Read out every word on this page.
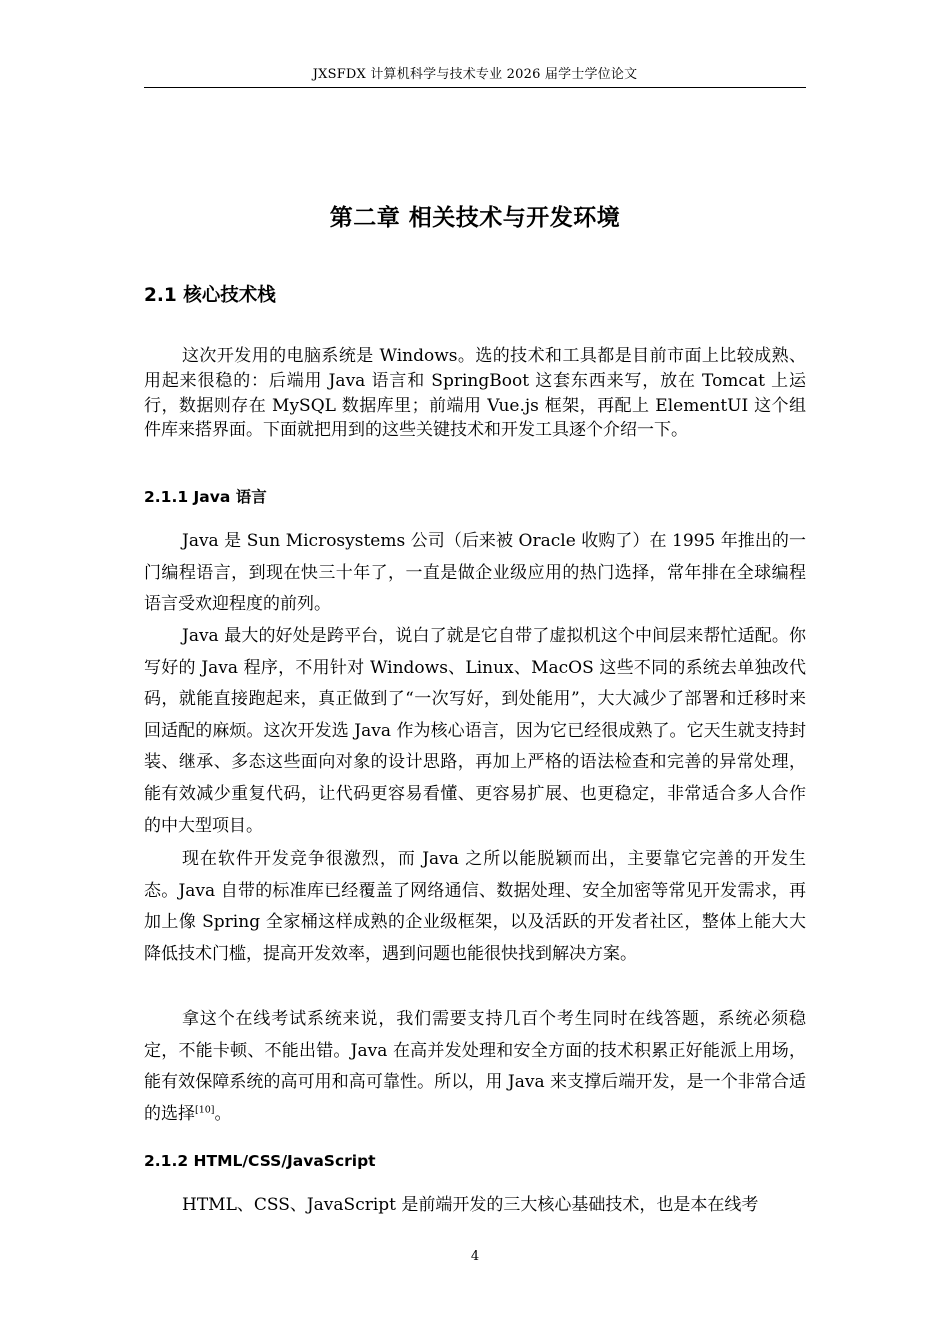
JXSFDX 计算机科学与技术专业 2026 届学士学位论文
第二章 相关技术与开发环境
2.1 核心技术栈

这次开发用的电脑系统是 Windows。选的技术和工具都是目前市面上比较成熟、用起来很稳的：后端用 Java 语言和 SpringBoot 这套东西来写，放在 Tomcat 上运行，数据则存在 MySQL 数据库里；前端用 Vue.js 框架，再配上 ElementUI 这个组件库来搭界面。下面就把用到的这些关键技术和开发工具逐个介绍一下。

2.1.1 Java 语言

Java 是 Sun Microsystems 公司（后来被 Oracle 收购了）在 1995 年推出的一门编程语言，到现在快三十年了，一直是做企业级应用的热门选择，常年排在全球编程语言受欢迎程度的前列。

Java 最大的好处是跨平台，说白了就是它自带了虚拟机这个中间层来帮忙适配。你写好的 Java 程序，不用针对 Windows、Linux、MacOS 这些不同的系统去单独改代码，就能直接跑起来，真正做到了“一次写好，到处能用”，大大减少了部署和迁移时来回适配的麻烦。这次开发选 Java 作为核心语言，因为它已经很成熟了。它天生就支持封装、继承、多态这些面向对象的设计思路，再加上严格的语法检查和完善的异常处理，能有效减少重复代码，让代码更容易看懂、更容易扩展、也更稳定，非常适合多人合作的中大型项目。

现在软件开发竞争很激烈，而 Java 之所以能脱颖而出，主要靠它完善的开发生态。Java 自带的标准库已经覆盖了网络通信、数据处理、安全加密等常见开发需求，再加上像 Spring 全家桶这样成熟的企业级框架，以及活跃的开发者社区，整体上能大大降低技术门槛，提高开发效率，遇到问题也能很快找到解决方案。

拿这个在线考试系统来说，我们需要支持几百个考生同时在线答题，系统必须稳定，不能卡顿、不能出错。Java 在高并发处理和安全方面的技术积累正好能派上用场，能有效保障系统的高可用和高可靠性。所以，用 Java 来支撑后端开发，是一个非常合适的选择[10]。

2.1.2 HTML/CSS/JavaScript

HTML、CSS、JavaScript 是前端开发的三大核心基础技术，也是本在线考

4
